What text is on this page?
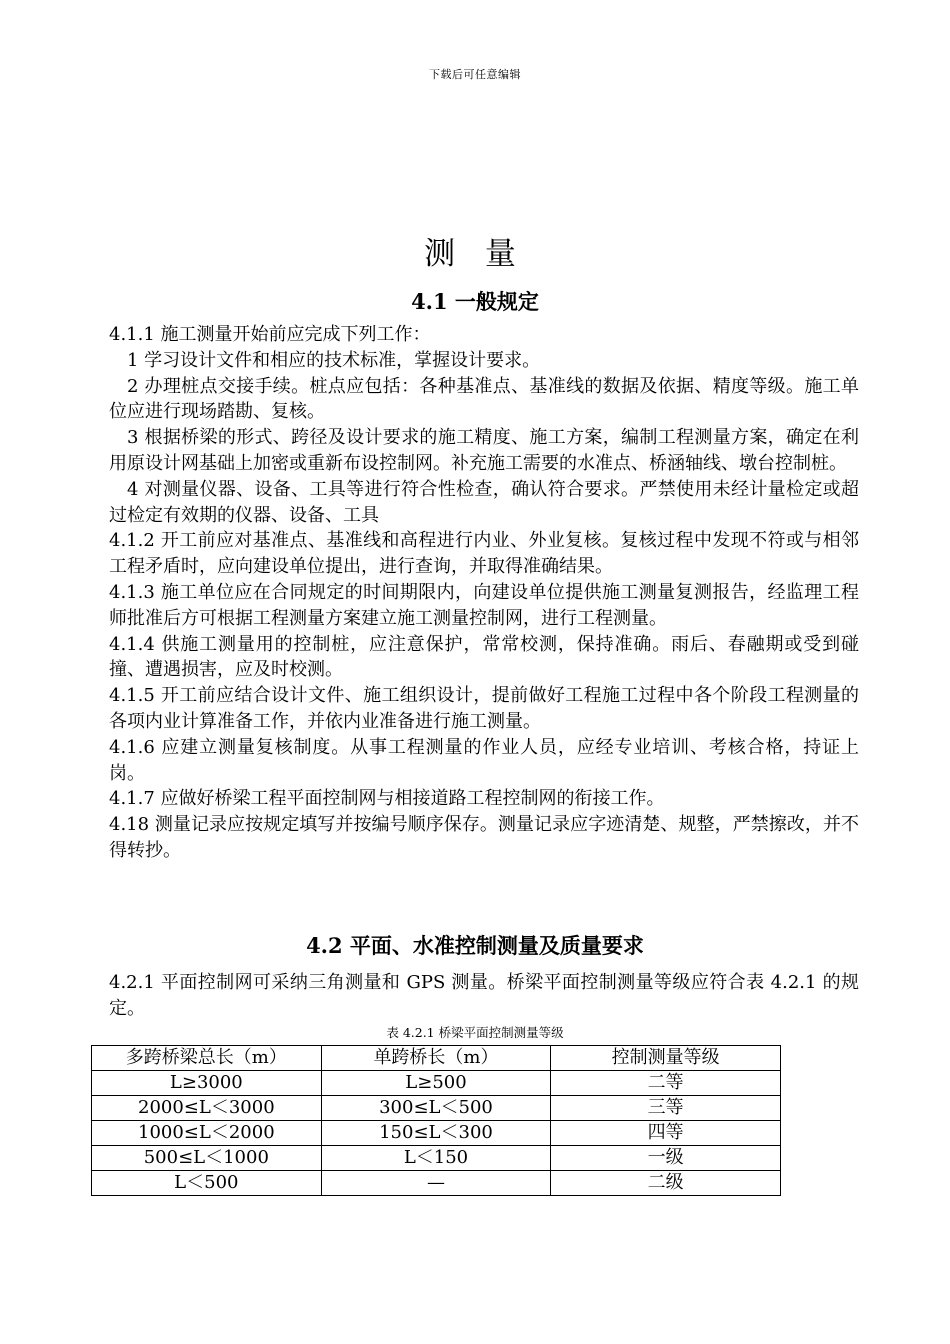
下载后可任意编辑
测 量
4.1 一般规定

4.1.1 施工测量开始前应完成下列工作：

1 学习设计文件和相应的技术标准，掌握设计要求。

2 办理桩点交接手续。桩点应包括：各种基准点、基准线的数据及依据、精度等级。施工单位应进行现场踏勘、复核。

3 根据桥梁的形式、跨径及设计要求的施工精度、施工方案，编制工程测量方案，确定在利用原设计网基础上加密或重新布设控制网。补充施工需要的水准点、桥涵轴线、墩台控制桩。

4 对测量仪器、设备、工具等进行符合性检查，确认符合要求。严禁使用未经计量检定或超过检定有效期的仪器、设备、工具

4.1.2 开工前应对基准点、基准线和高程进行内业、外业复核。复核过程中发现不符或与相邻工程矛盾时，应向建设单位提出，进行查询，并取得准确结果。

4.1.3 施工单位应在合同规定的时间期限内，向建设单位提供施工测量复测报告，经监理工程师批准后方可根据工程测量方案建立施工测量控制网，进行工程测量。

4.1.4 供施工测量用的控制桩，应注意保护，常常校测，保持准确。雨后、春融期或受到碰撞、遭遇损害，应及时校测。

4.1.5 开工前应结合设计文件、施工组织设计，提前做好工程施工过程中各个阶段工程测量的各项内业计算准备工作，并依内业准备进行施工测量。

4.1.6 应建立测量复核制度。从事工程测量的作业人员，应经专业培训、考核合格，持证上岗。

4.1.7 应做好桥梁工程平面控制网与相接道路工程控制网的衔接工作。

4.18 测量记录应按规定填写并按编号顺序保存。测量记录应字迹清楚、规整，严禁擦改，并不得转抄。

4.2 平面、水准控制测量及质量要求

4.2.1 平面控制网可采纳三角测量和 GPS 测量。桥梁平面控制测量等级应符合表 4.2.1 的规定。

表 4.2.1 桥梁平面控制测量等级
多跨桥梁总长（m）	单跨桥长（m）	控制测量等级
L≥3000	L≥500	二等
2000≤L＜3000	300≤L＜500	三等
1000≤L＜2000	150≤L＜300	四等
500≤L＜1000	L＜150	一级
L＜500	—	二级
